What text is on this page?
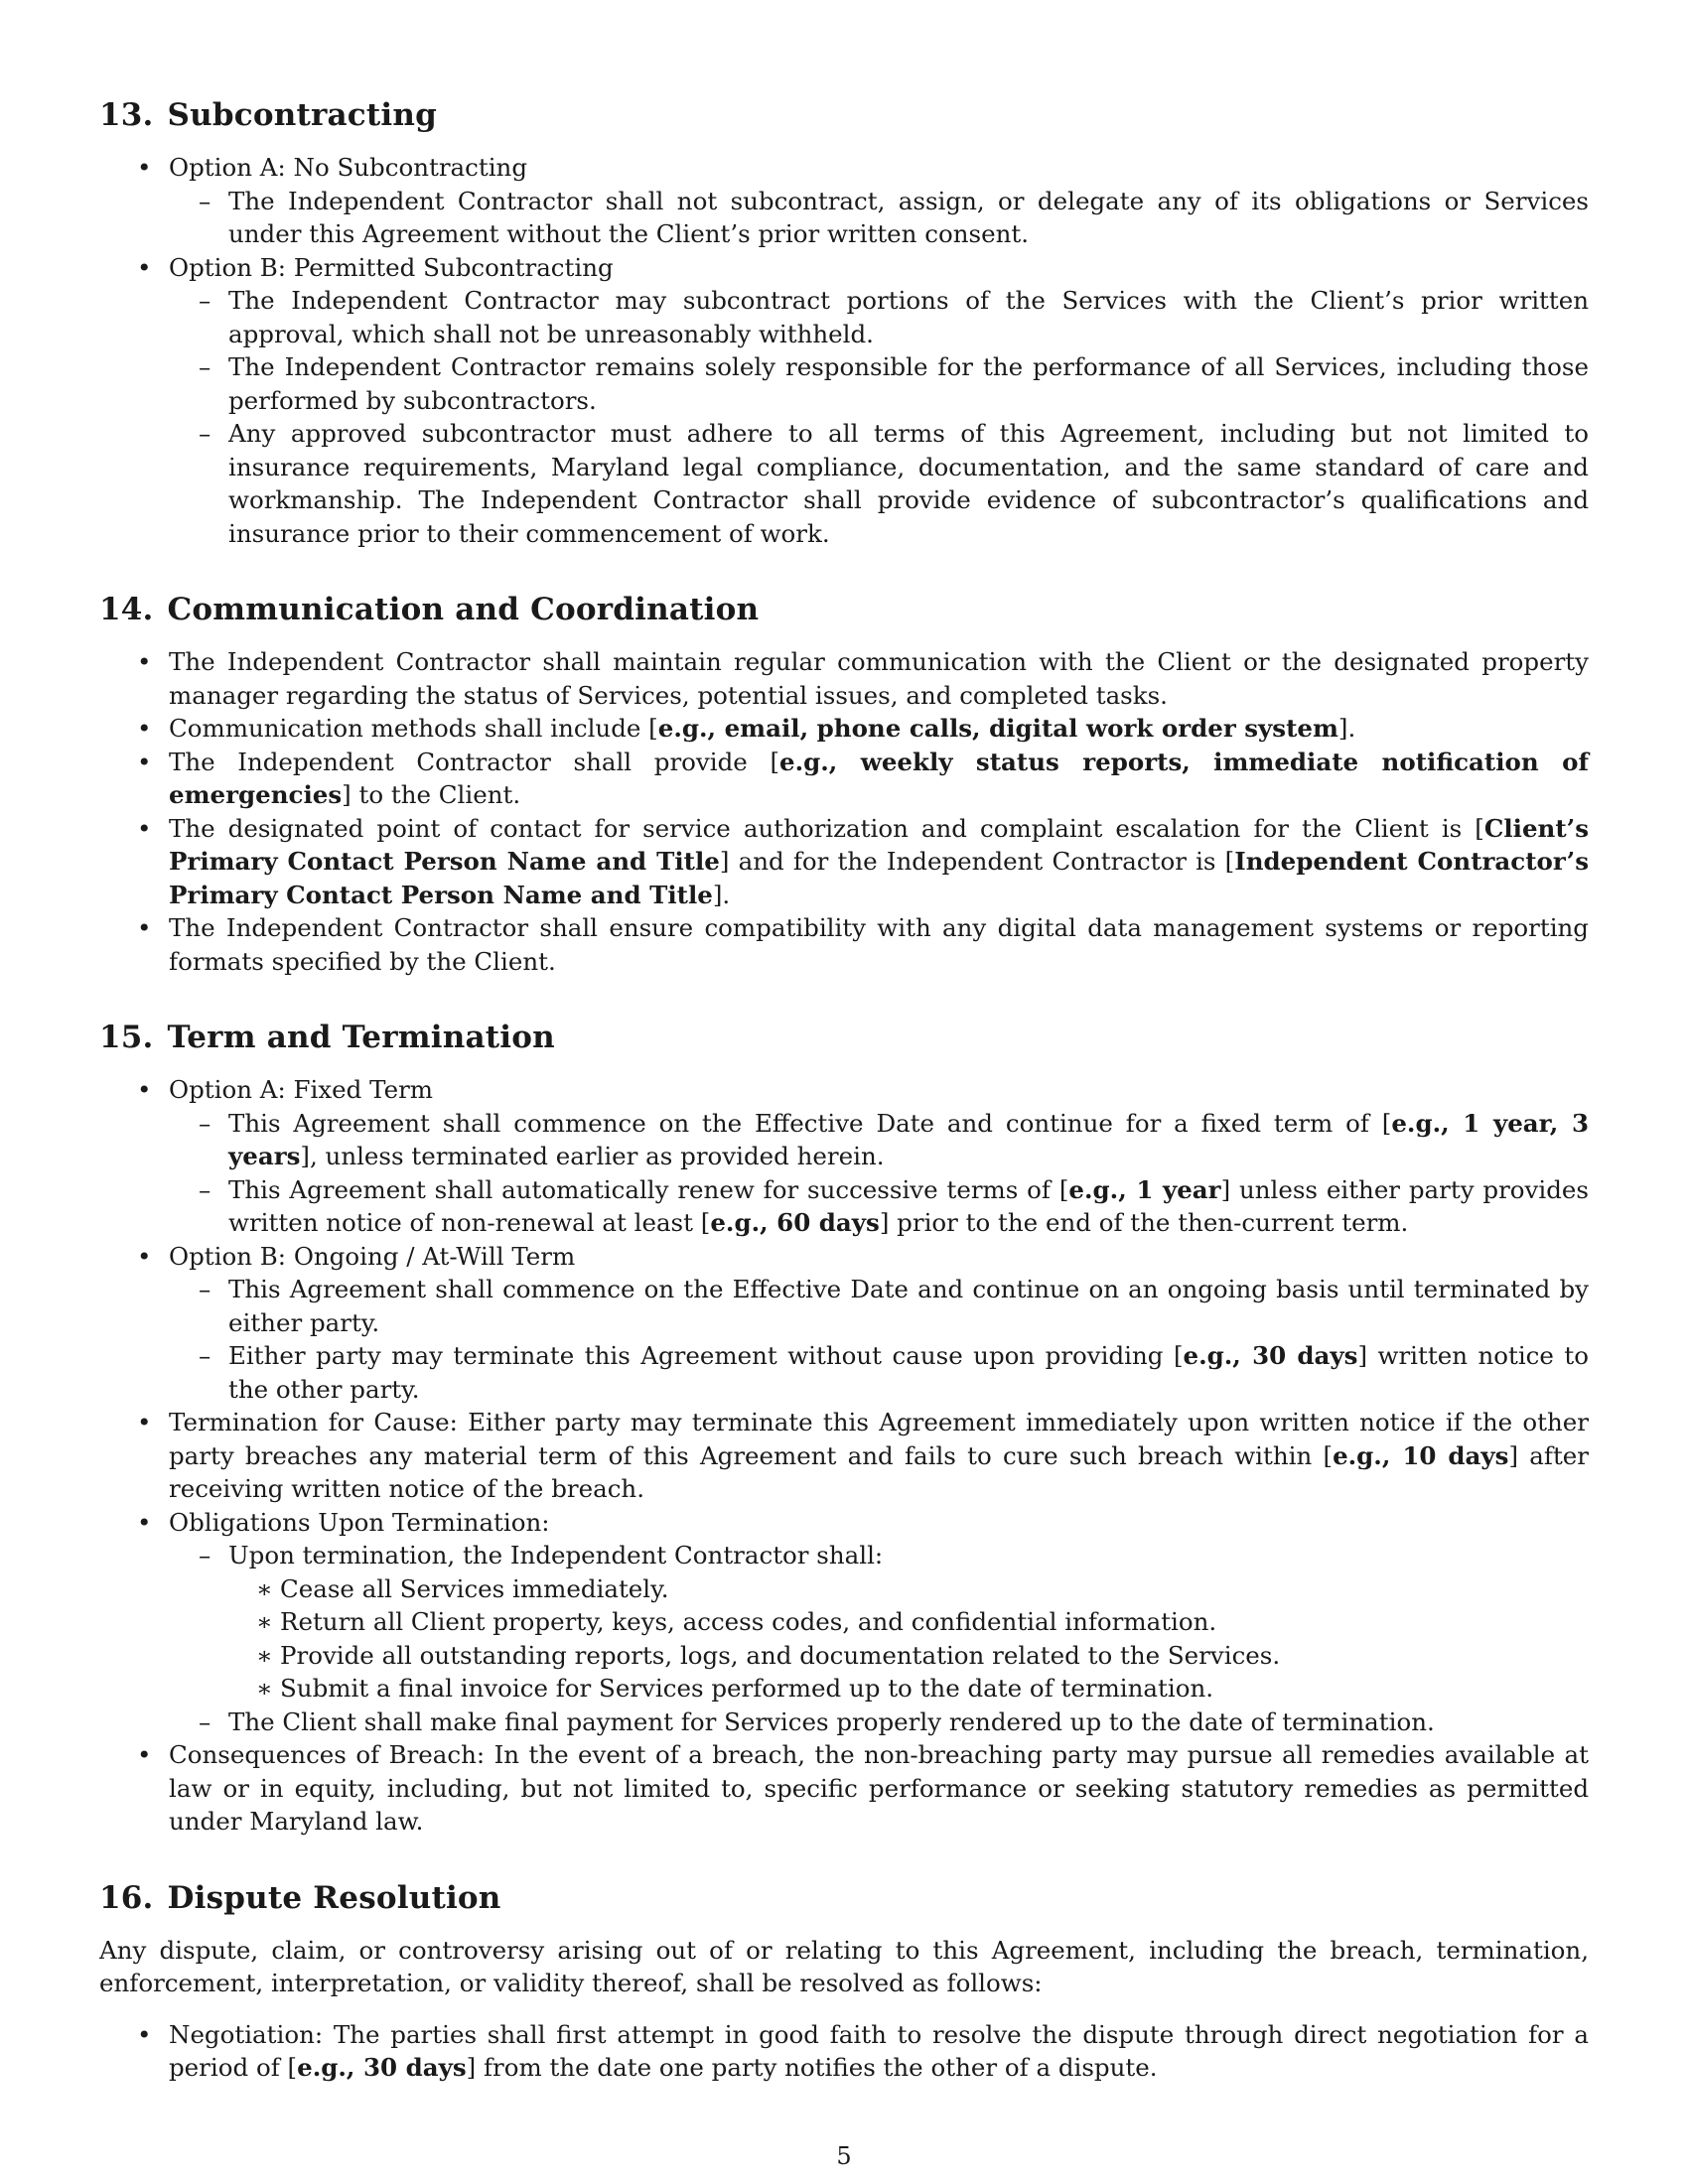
13. Subcontracting
• Option A: No Subcontracting
– The Independent Contractor shall not subcontract, assign, or delegate any of its obligations or Services under this Agreement without the Client’s prior written consent.
• Option B: Permitted Subcontracting
– The Independent Contractor may subcontract portions of the Services with the Client’s prior written approval, which shall not be unreasonably withheld.
– The Independent Contractor remains solely responsible for the performance of all Services, including those performed by subcontractors.
– Any approved subcontractor must adhere to all terms of this Agreement, including but not limited to insurance requirements, Maryland legal compliance, documentation, and the same standard of care and workmanship. The Independent Contractor shall provide evidence of subcontractor’s qualifications and insurance prior to their commencement of work.
14. Communication and Coordination
• The Independent Contractor shall maintain regular communication with the Client or the designated property manager regarding the status of Services, potential issues, and completed tasks.
• Communication methods shall include [e.g., email, phone calls, digital work order system].
• The Independent Contractor shall provide [e.g., weekly status reports, immediate notification of emergencies] to the Client.
• The designated point of contact for service authorization and complaint escalation for the Client is [Client’s Primary Contact Person Name and Title] and for the Independent Contractor is [Independent Contractor’s Primary Contact Person Name and Title].
• The Independent Contractor shall ensure compatibility with any digital data management systems or reporting formats specified by the Client.
15. Term and Termination
• Option A: Fixed Term
– This Agreement shall commence on the Effective Date and continue for a fixed term of [e.g., 1 year, 3 years], unless terminated earlier as provided herein.
– This Agreement shall automatically renew for successive terms of [e.g., 1 year] unless either party provides written notice of non-renewal at least [e.g., 60 days] prior to the end of the then-current term.
• Option B: Ongoing / At-Will Term
– This Agreement shall commence on the Effective Date and continue on an ongoing basis until terminated by either party.
– Either party may terminate this Agreement without cause upon providing [e.g., 30 days] written notice to the other party.
• Termination for Cause: Either party may terminate this Agreement immediately upon written notice if the other party breaches any material term of this Agreement and fails to cure such breach within [e.g., 10 days] after receiving written notice of the breach.
• Obligations Upon Termination:
– Upon termination, the Independent Contractor shall:
∗ Cease all Services immediately.
∗ Return all Client property, keys, access codes, and confidential information.
∗ Provide all outstanding reports, logs, and documentation related to the Services.
∗ Submit a final invoice for Services performed up to the date of termination.
– The Client shall make final payment for Services properly rendered up to the date of termination.
• Consequences of Breach: In the event of a breach, the non-breaching party may pursue all remedies available at law or in equity, including, but not limited to, specific performance or seeking statutory remedies as permitted under Maryland law.
16. Dispute Resolution

Any dispute, claim, or controversy arising out of or relating to this Agreement, including the breach, termination, enforcement, interpretation, or validity thereof, shall be resolved as follows:

• Negotiation: The parties shall first attempt in good faith to resolve the dispute through direct negotiation for a period of [e.g., 30 days] from the date one party notifies the other of a dispute.
5
